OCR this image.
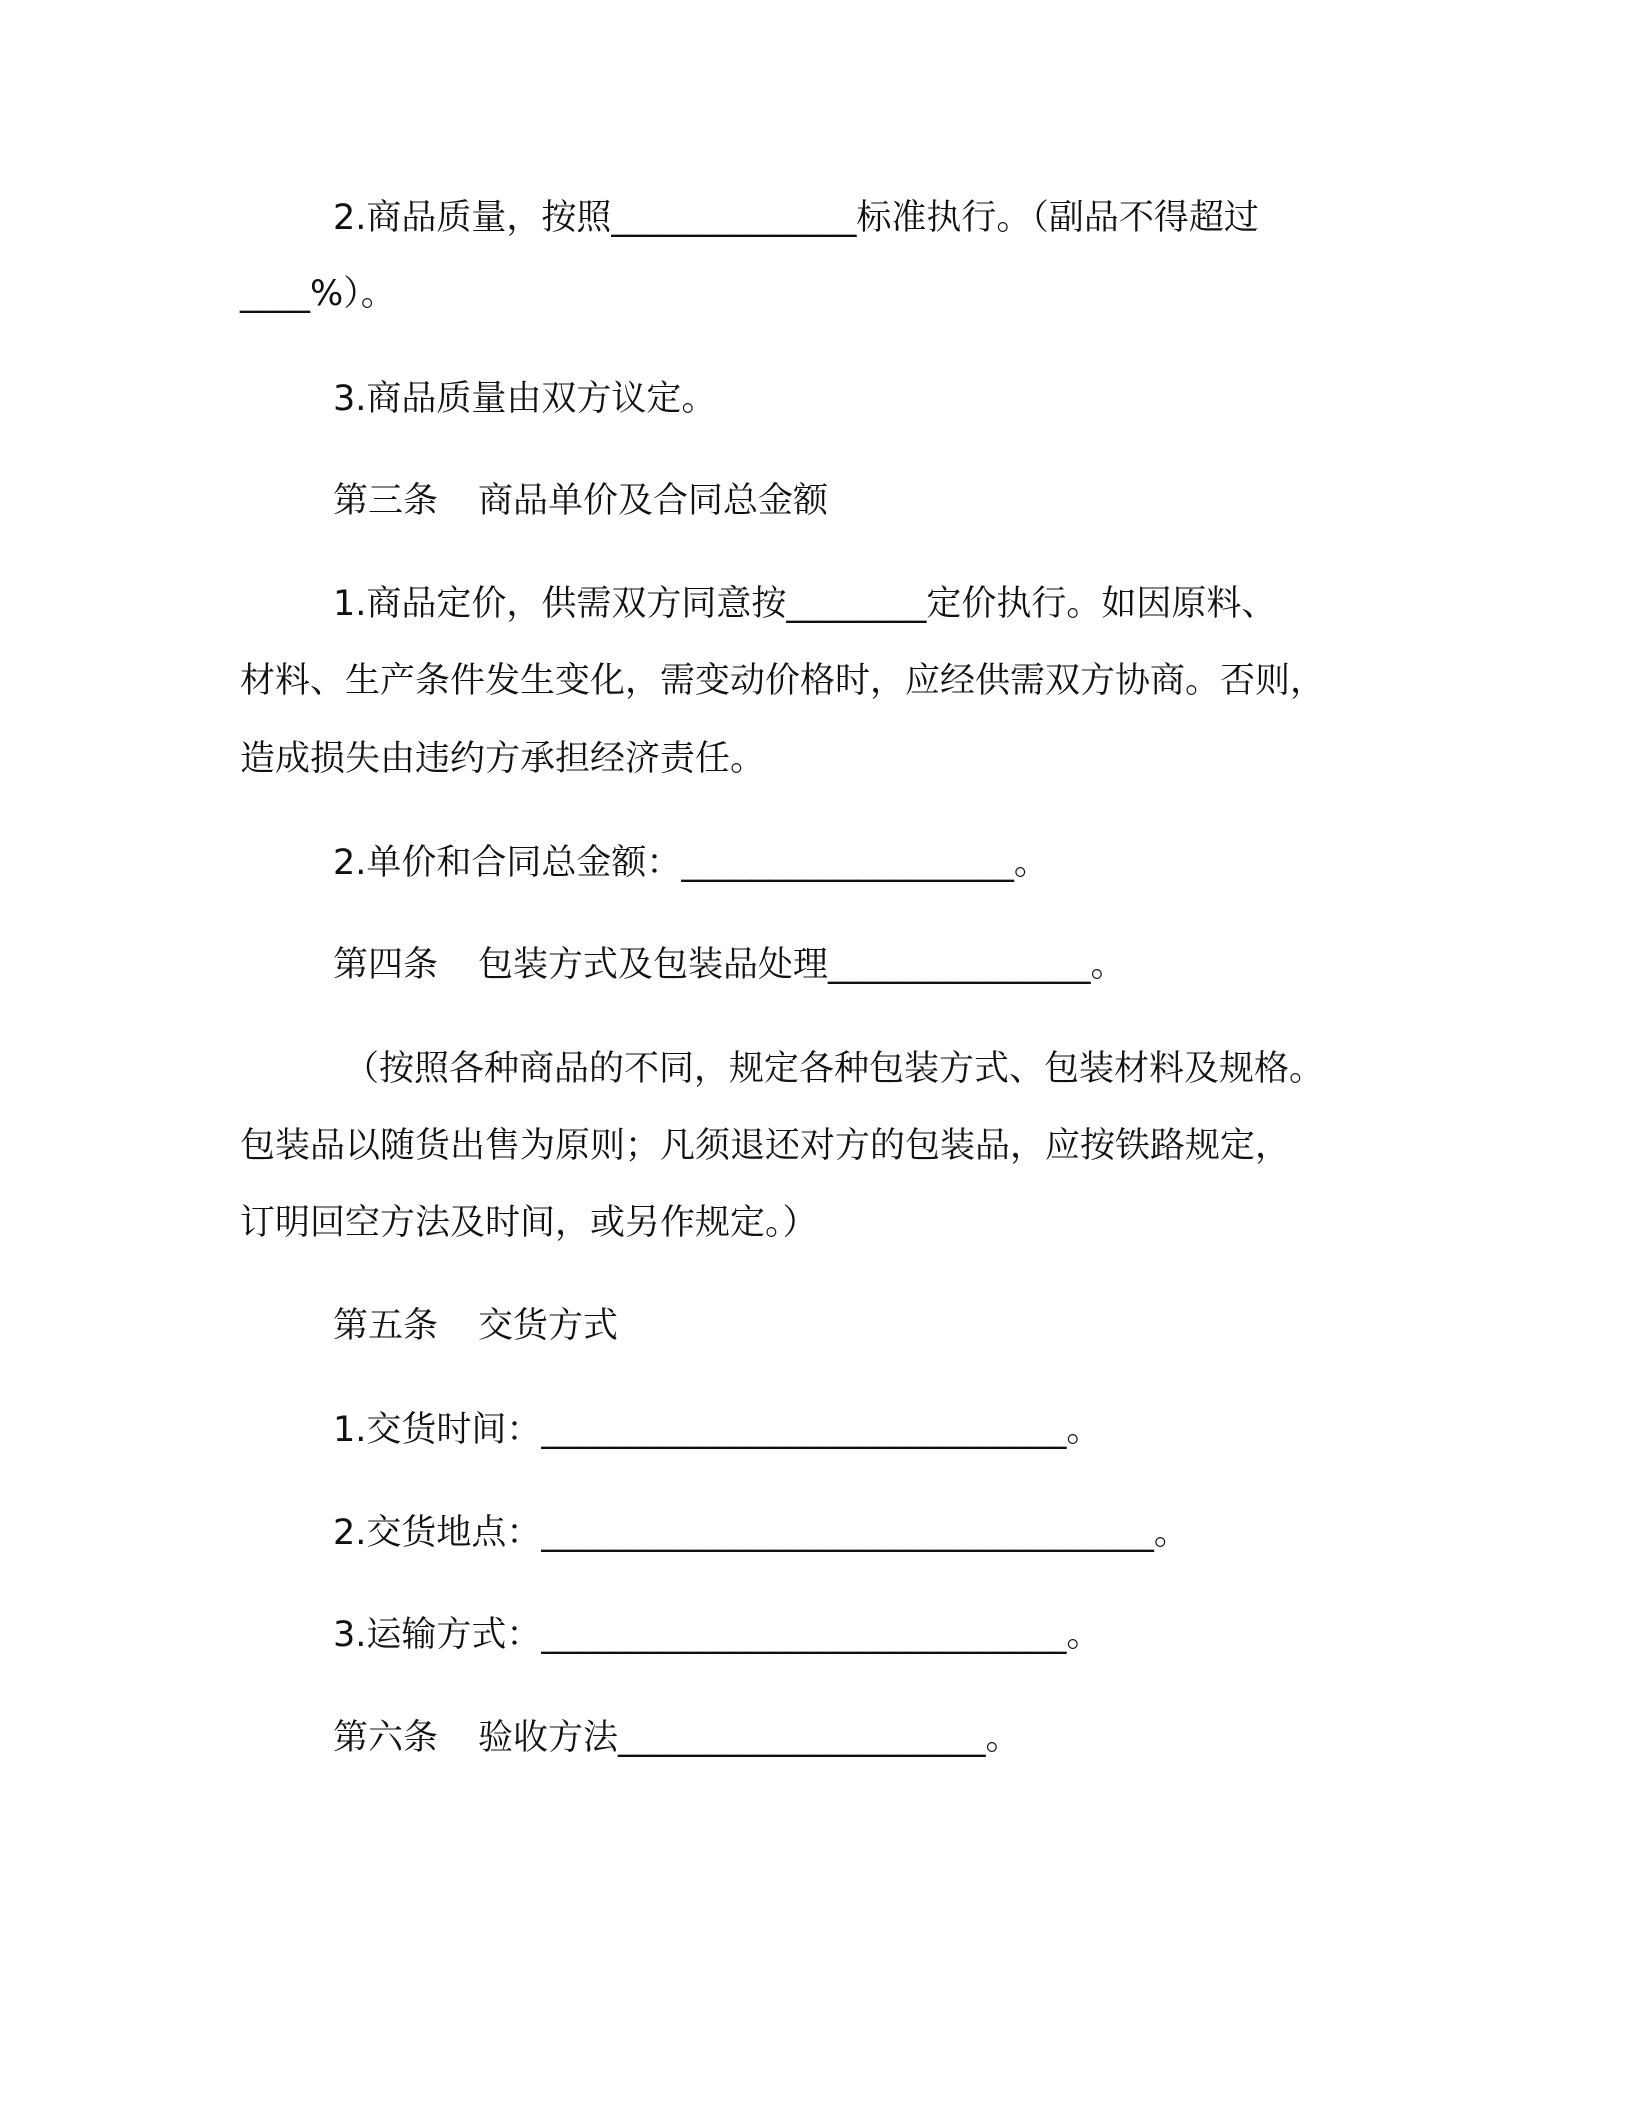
2.商品质量，按照______________标准执行。（副品不得超过
____%）。
3.商品质量由双方议定。
第三条 商品单价及合同总金额
1.商品定价，供需双方同意按________定价执行。如因原料、
材料、生产条件发生变化，需变动价格时，应经供需双方协商。否则，
造成损失由违约方承担经济责任。
2.单价和合同总金额：___________________。
第四条 包装方式及包装品处理_______________。
（按照各种商品的不同，规定各种包装方式、包装材料及规格。
包装品以随货出售为原则；凡须退还对方的包装品，应按铁路规定，
订明回空方法及时间，或另作规定。）
第五条 交货方式
1.交货时间：______________________________。
2.交货地点：___________________________________。
3.运输方式：______________________________。
第六条 验收方法_____________________。
